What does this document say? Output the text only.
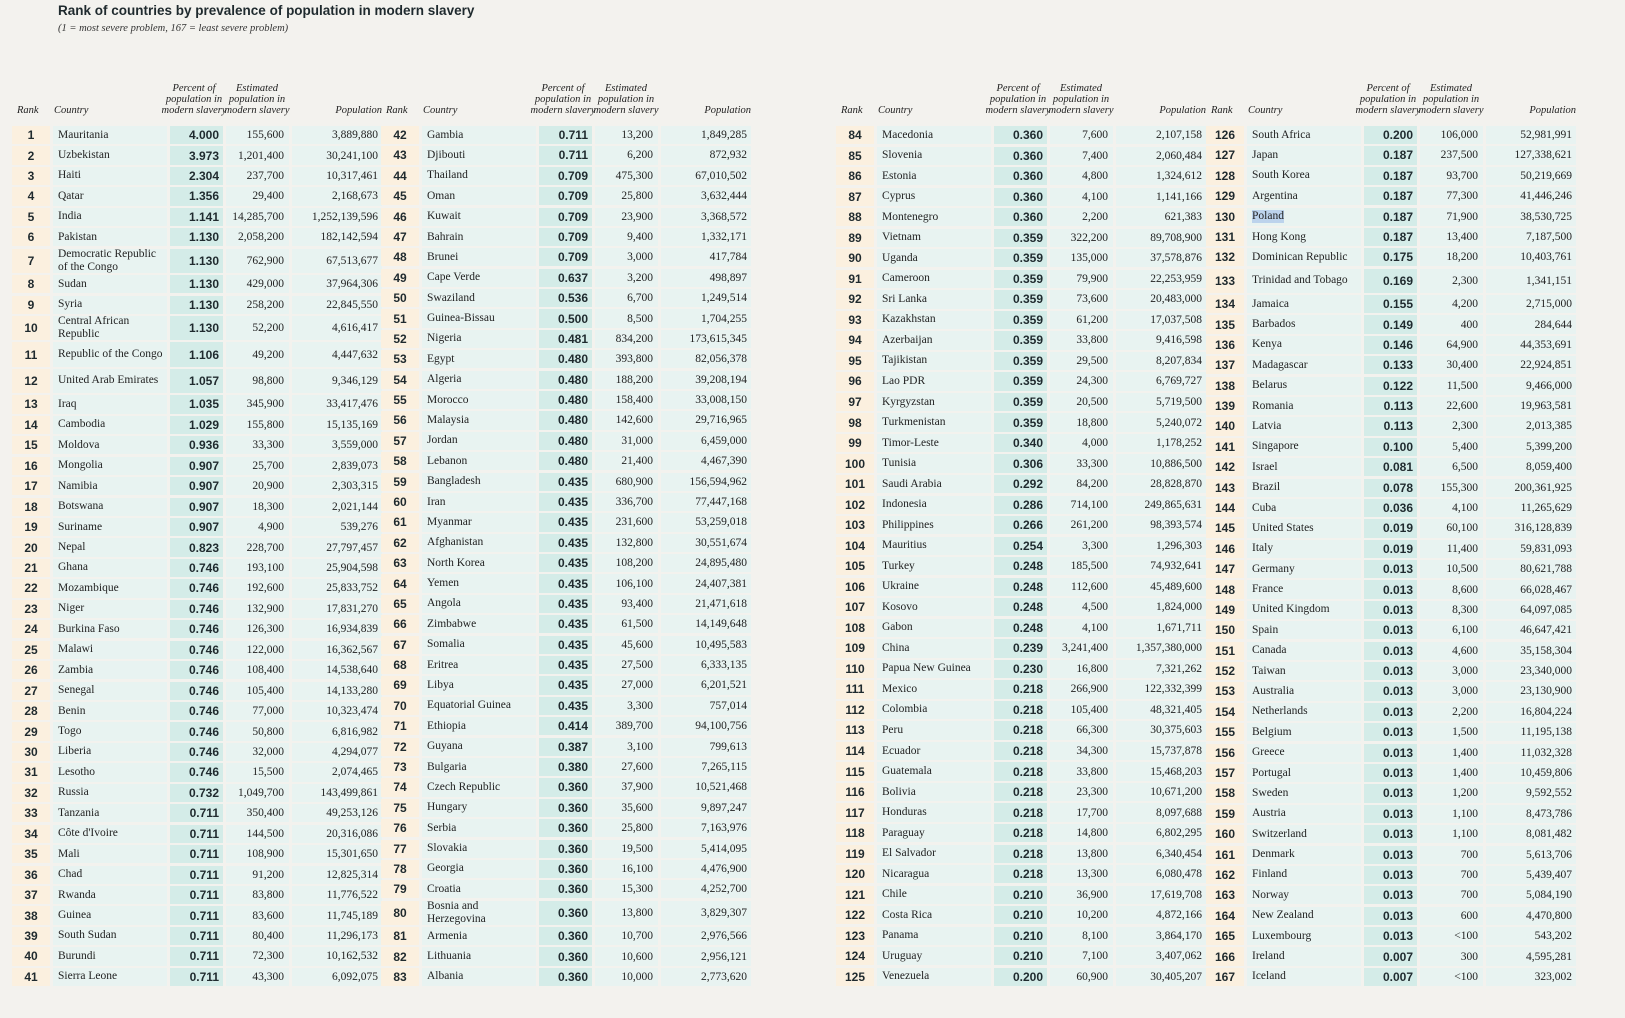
Rank of countries by prevalence of population in modern slavery
(1 = most severe problem, 167 = least severe problem)
Rank	Country
Percent of population in modern slavery
Estimated population in modern slavery	Population
1 Mauritania	4.000 155,600	3,889,880
2 Uzbekistan	3.973 1,201,400	30,241,100
3 Haiti	2.304 237,700	10,317,461
4 Qatar	1.356	29,400	2,168,673
5 India	1.141 14,285,700 1,252,139,596
6 Pakistan	1.130 2,058,200	182,142,594
7 Democratic Republic of the Congo	1.130 762,900	67,513,677
8 Sudan	1.130 429,000	37,964,306
9 Syria	1.130 258,200	22,845,550
10 Central African Republic	1.130	52,200	4,616,417
11 Republic of the Congo 1.106	49,200	4,447,632
12 United Arab Emirates	1.057	98,800	9,346,129
13 Iraq	1.035 345,900	33,417,476
14 Cambodia	1.029 155,800	15,135,169
15 Moldova	0.936	33,300	3,559,000
16 Mongolia	0.907	25,700	2,839,073
17 Namibia	0.907	20,900	2,303,315
18 Botswana	0.907	18,300	2,021,144
19 Suriname	0.907	4,900	539,276
20 Nepal	0.823 228,700	27,797,457
21 Ghana	0.746 193,100	25,904,598
22 Mozambique	0.746 192,600	25,833,752
23 Niger	0.746 132,900	17,831,270
24 Burkina Faso	0.746 126,300	16,934,839
25 Malawi	0.746 122,000	16,362,567
26 Zambia	0.746 108,400	14,538,640
27 Senegal	0.746 105,400	14,133,280
28 Benin	0.746	77,000	10,323,474
29 Togo	0.746	50,800	6,816,982
30 Liberia	0.746	32,000	4,294,077
31 Lesotho	0.746	15,500	2,074,465
32 Russia	0.732 1,049,700	143,499,861
33 Tanzania	0.711 350,400	49,253,126
34 Côte d'Ivoire	0.711 144,500	20,316,086
35 Mali	0.711 108,900	15,301,650
36 Chad	0.711	91,200	12,825,314
37 Rwanda	0.711	83,800	11,776,522
38 Guinea	0.711	83,600	11,745,189
39 South Sudan	0.711	80,400	11,296,173
40 Burundi	0.711	72,300	10,162,532
41 Sierra Leone	0.711	43,300	6,092,075
Rank	Country
Percent of population in modern slavery
Estimated population in modern slavery	Population
42 Gambia	0.711	13,200	1,849,285
43 Djibouti	0.711	6,200	872,932
44 Thailand	0.709 475,300	67,010,502
45 Oman	0.709	25,800	3,632,444
46 Kuwait	0.709	23,900	3,368,572
47 Bahrain	0.709	9,400	1,332,171
48 Brunei	0.709	3,000	417,784
49 Cape Verde	0.637	3,200	498,897
50 Swaziland	0.536	6,700	1,249,514
51 Guinea-Bissau	0.500	8,500	1,704,255
52 Nigeria	0.481 834,200	173,615,345
53 Egypt	0.480 393,800	82,056,378
54 Algeria	0.480 188,200	39,208,194
55 Morocco	0.480 158,400	33,008,150
56 Malaysia	0.480 142,600	29,716,965
57 Jordan	0.480	31,000	6,459,000
58 Lebanon	0.480	21,400	4,467,390
59 Bangladesh	0.435 680,900	156,594,962
60 Iran	0.435 336,700	77,447,168
61 Myanmar	0.435 231,600	53,259,018
62 Afghanistan	0.435 132,800	30,551,674
63 North Korea	0.435 108,200	24,895,480
64 Yemen	0.435 106,100	24,407,381
65 Angola	0.435	93,400	21,471,618
66 Zimbabwe	0.435	61,500	14,149,648
67 Somalia	0.435	45,600	10,495,583
68 Eritrea	0.435	27,500	6,333,135
69 Libya	0.435	27,000	6,201,521
70 Equatorial Guinea	0.435	3,300	757,014
71 Ethiopia	0.414 389,700	94,100,756
72 Guyana	0.387	3,100	799,613
73 Bulgaria	0.380	27,600	7,265,115
74 Czech Republic	0.360	37,900	10,521,468
75 Hungary	0.360	35,600	9,897,247
76 Serbia	0.360	25,800	7,163,976
77 Slovakia	0.360	19,500	5,414,095
78 Georgia	0.360	16,100	4,476,900
79 Croatia	0.360	15,300	4,252,700
80 Bosnia and Herzegovina	0.360	13,800	3,829,307
81 Armenia	0.360	10,700	2,976,566
82 Lithuania	0.360	10,600	2,956,121
83 Albania	0.360	10,000	2,773,620
Rank	Country
Percent of population in modern slavery
Estimated population in modern slavery	Population
84 Macedonia	0.360	7,600	2,107,158
85 Slovenia	0.360	7,400	2,060,484
86 Estonia	0.360	4,800	1,324,612
87 Cyprus	0.360	4,100	1,141,166
88 Montenegro	0.360	2,200	621,383
89 Vietnam	0.359 322,200	89,708,900
90 Uganda	0.359 135,000	37,578,876
91 Cameroon	0.359	79,900	22,253,959
92 Sri Lanka	0.359	73,600	20,483,000
93 Kazakhstan	0.359	61,200	17,037,508
94 Azerbaijan	0.359	33,800	9,416,598
95 Tajikistan	0.359	29,500	8,207,834
96 Lao PDR	0.359	24,300	6,769,727
97 Kyrgyzstan	0.359	20,500	5,719,500
98 Turkmenistan	0.359	18,800	5,240,072
99 Timor-Leste	0.340	4,000	1,178,252
100 Tunisia	0.306	33,300	10,886,500
101 Saudi Arabia	0.292	84,200	28,828,870
102 Indonesia	0.286 714,100	249,865,631
103 Philippines	0.266 261,200	98,393,574
104 Mauritius	0.254	3,300	1,296,303
105 Turkey	0.248 185,500	74,932,641
106 Ukraine	0.248 112,600	45,489,600
107 Kosovo	0.248	4,500	1,824,000
108 Gabon	0.248	4,100	1,671,711
109 China	0.239 3,241,400 1,357,380,000
110 Papua New Guinea	0.230	16,800	7,321,262
111 Mexico	0.218 266,900	122,332,399
112 Colombia	0.218 105,400	48,321,405
113 Peru	0.218	66,300	30,375,603
114 Ecuador	0.218	34,300	15,737,878
115 Guatemala	0.218	33,800	15,468,203
116 Bolivia	0.218	23,300	10,671,200
117 Honduras	0.218	17,700	8,097,688
118 Paraguay	0.218	14,800	6,802,295
119 El Salvador	0.218	13,800	6,340,454
120 Nicaragua	0.218	13,300	6,080,478
121 Chile	0.210	36,900	17,619,708
122 Costa Rica	0.210	10,200	4,872,166
123 Panama	0.210	8,100	3,864,170
124 Uruguay	0.210	7,100	3,407,062
125 Venezuela	0.200	60,900	30,405,207
Rank	Country
Percent of population in modern slavery
Estimated population in modern slavery	Population
126 South Africa	0.200 106,000	52,981,991
127 Japan	0.187 237,500	127,338,621
128 South Korea	0.187	93,700	50,219,669
129 Argentina	0.187	77,300	41,446,246
130 Poland	0.187	71,900	38,530,725
131 Hong Kong	0.187	13,400	7,187,500
132 Dominican Republic	0.175	18,200	10,403,761
133 Trinidad and Tobago	0.169	2,300	1,341,151
134 Jamaica	0.155	4,200	2,715,000
135 Barbados	0.149	400	284,644
136 Kenya	0.146	64,900	44,353,691
137 Madagascar	0.133	30,400	22,924,851
138 Belarus	0.122	11,500	9,466,000
139 Romania	0.113	22,600	19,963,581
140 Latvia	0.113	2,300	2,013,385
141 Singapore	0.100	5,400	5,399,200
142 Israel	0.081	6,500	8,059,400
143 Brazil	0.078 155,300	200,361,925
144 Cuba	0.036	4,100	11,265,629
145 United States	0.019	60,100	316,128,839
146 Italy	0.019	11,400	59,831,093
147 Germany	0.013	10,500	80,621,788
148 France	0.013	8,600	66,028,467
149 United Kingdom	0.013	8,300	64,097,085
150 Spain	0.013	6,100	46,647,421
151 Canada	0.013	4,600	35,158,304
152 Taiwan	0.013	3,000	23,340,000
153 Australia	0.013	3,000	23,130,900
154 Netherlands	0.013	2,200	16,804,224
155 Belgium	0.013	1,500	11,195,138
156 Greece	0.013	1,400	11,032,328
157 Portugal	0.013	1,400	10,459,806
158 Sweden	0.013	1,200	9,592,552
159 Austria	0.013	1,100	8,473,786
160 Switzerland	0.013	1,100	8,081,482
161 Denmark	0.013	700	5,613,706
162 Finland	0.013	700	5,439,407
163 Norway	0.013	700	5,084,190
164 New Zealand	0.013	600	4,470,800
165 Luxembourg	0.013	<100	543,202
166 Ireland	0.007	300	4,595,281
167 Iceland	0.007	<100	323,002
